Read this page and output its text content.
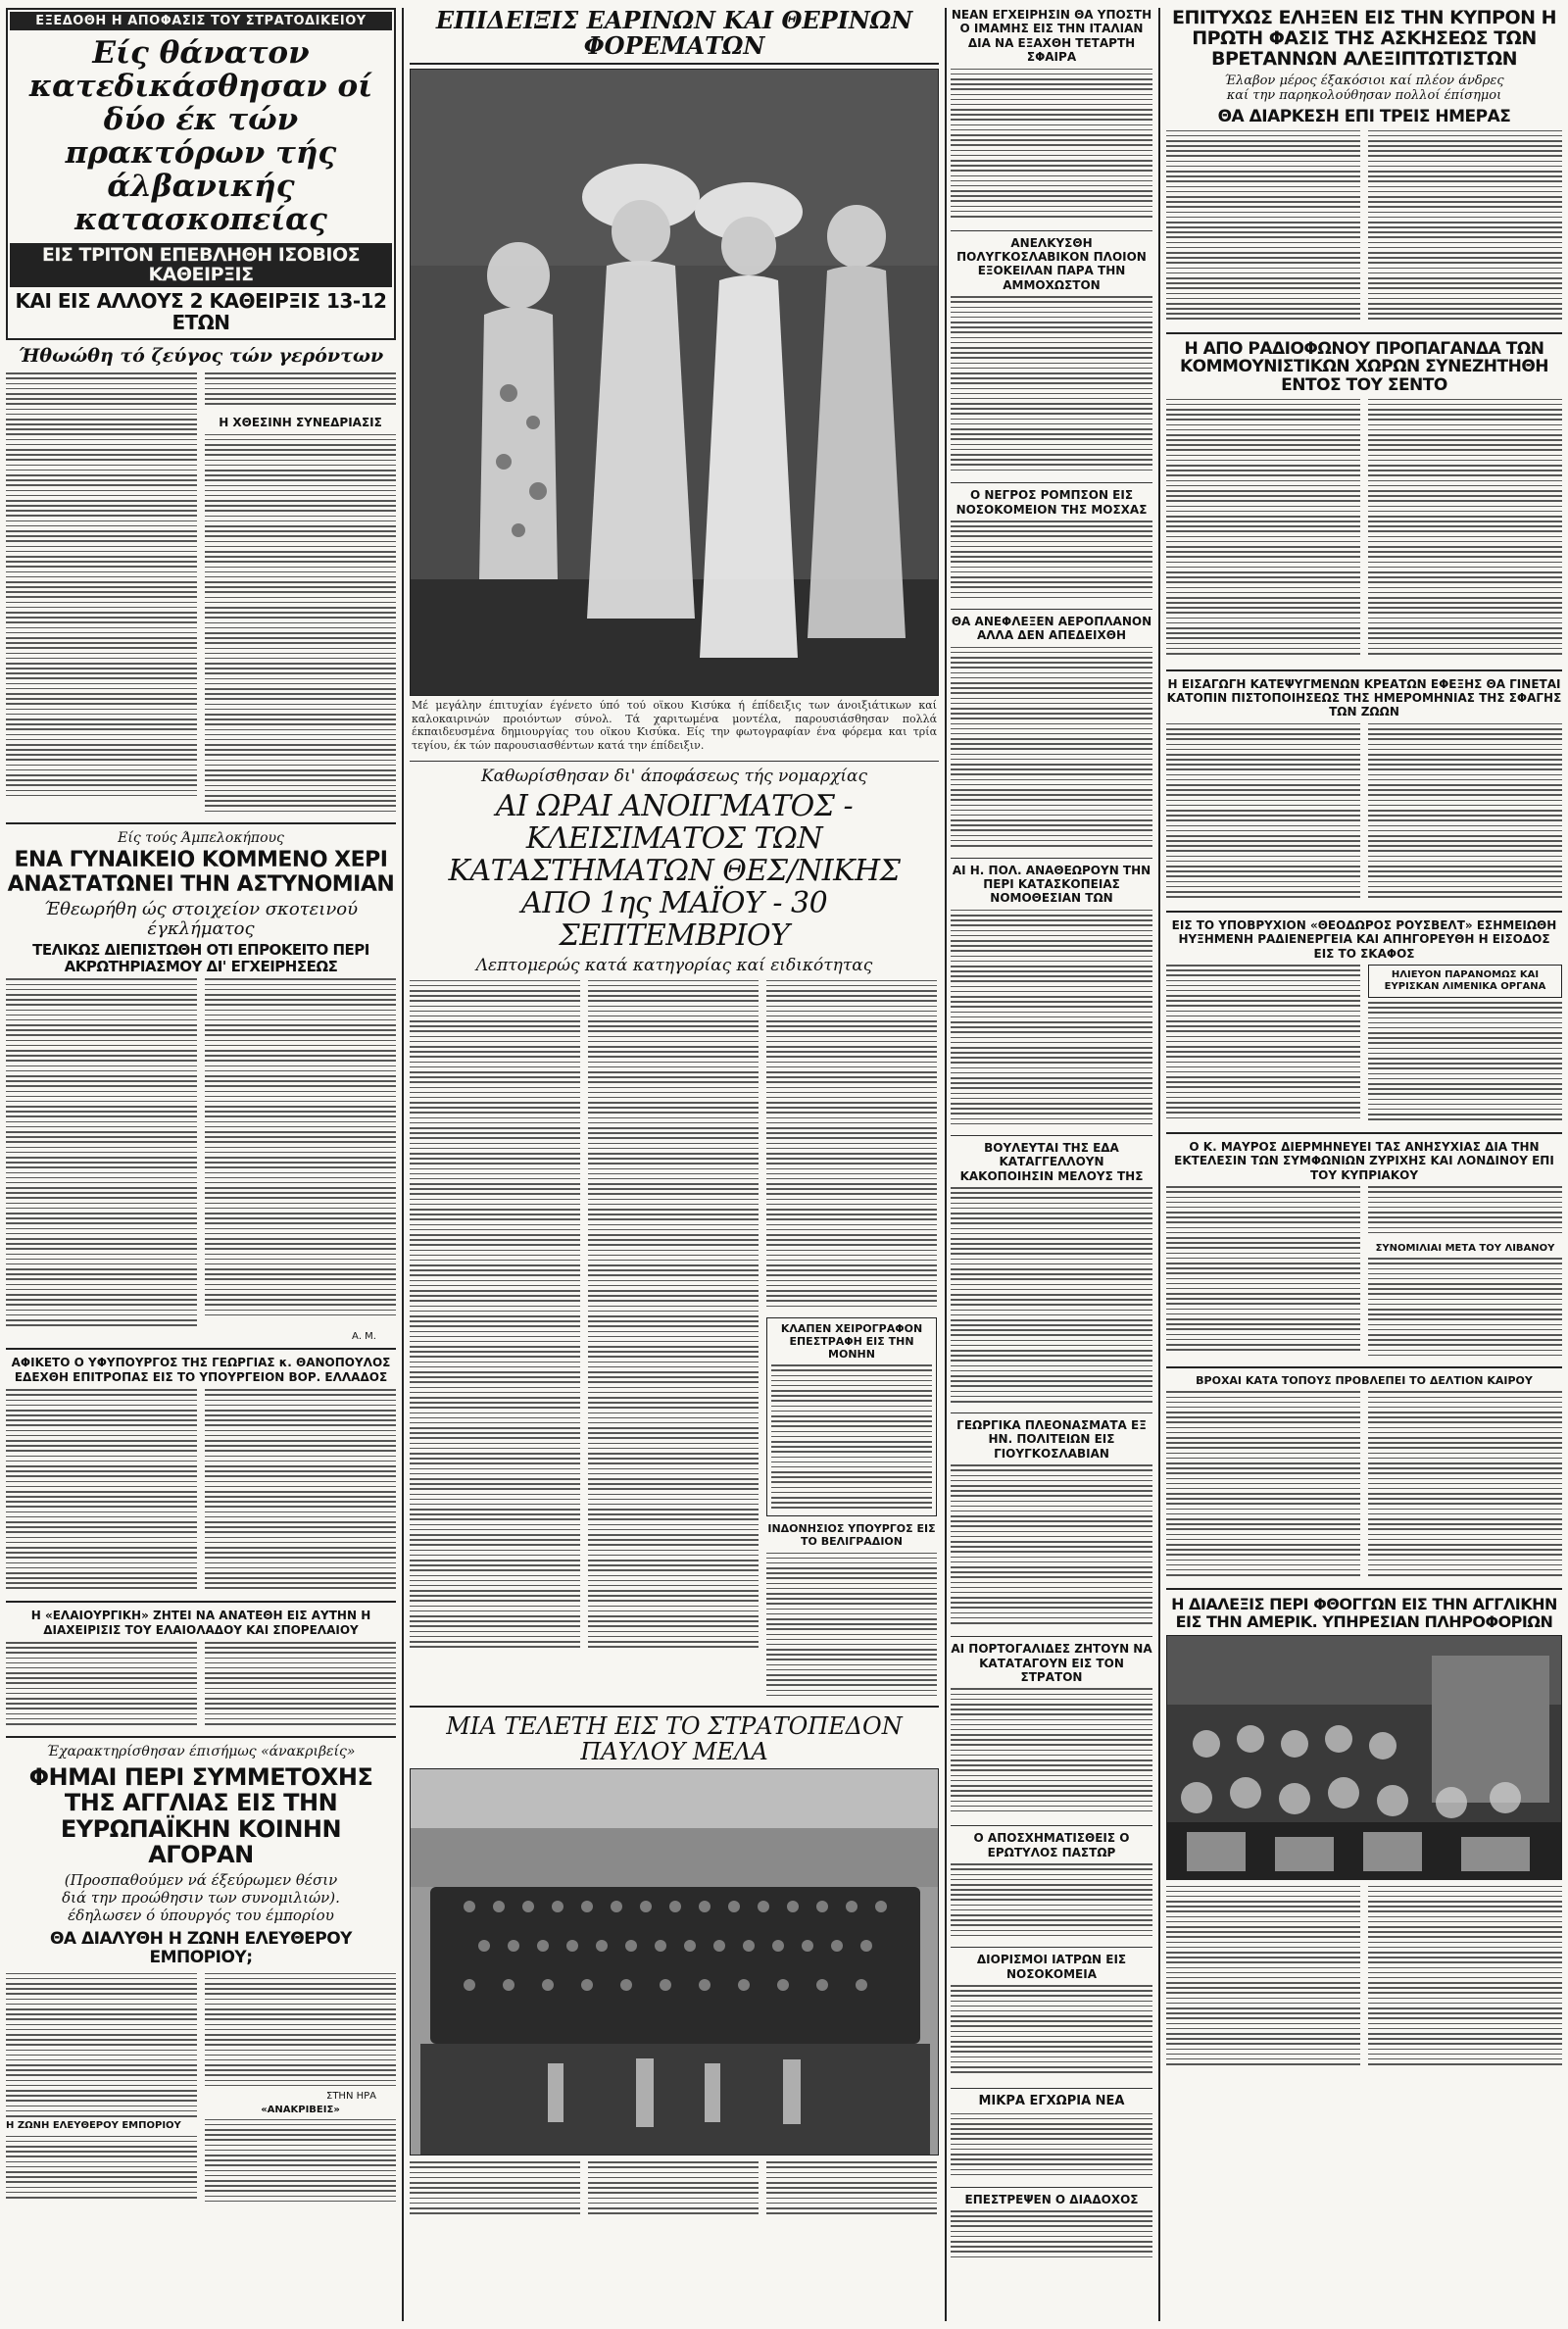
ΕΞΕΔΟΘΗ Η ΑΠΟΦΑΣΙΣ ΤΟΥ ΣΤΡΑΤΟΔΙΚΕΙΟΥ
Είς θάνατον κατεδικάσθησαν οί δύο έκ τών πρακτόρων τής άλβανικής κατασκοπείας
ΕΙΣ ΤΡΙΤΟΝ ΕΠΕΒΛΗΘΗ ΙΣΟΒΙΟΣ ΚΑΘΕΙΡΞΙΣ
ΚΑΙ ΕΙΣ ΑΛΛΟΥΣ 2 ΚΑΘΕΙΡΞΙΣ 13-12 ΕΤΩΝ
Ήθωώθη τό ζεύγος τών γερόντων
Η ΧΘΕΣΙΝΗ ΣΥΝΕΔΡΙΑΣΙΣ
Είς τούς Άμπελοκήπους
ΕΝΑ ΓΥΝΑΙΚΕΙΟ ΚΟΜΜΕΝΟ ΧΕΡΙ ΑΝΑΣΤΑΤΩΝΕΙ ΤΗΝ ΑΣΤΥΝΟΜΙΑΝ
Έθεωρήθη ώς στοιχείον σκοτεινού έγκλήματος
ΤΕΛΙΚΩΣ ΔΙΕΠΙΣΤΩΘΗ ΟΤΙ ΕΠΡΟΚΕΙΤΟ ΠΕΡΙ ΑΚΡΩΤΗΡΙΑΣΜΟΥ ΔΙ' ΕΓΧΕΙΡΗΣΕΩΣ
Α. Μ.
ΑΦΙΚΕΤΟ Ο ΥΦΥΠΟΥΡΓΟΣ ΤΗΣ ΓΕΩΡΓΙΑΣ κ. ΘΑΝΟΠΟΥΛΟΣ ΕΔΕΧΘΗ ΕΠΙΤΡΟΠΑΣ ΕΙΣ ΤΟ ΥΠΟΥΡΓΕΙΟΝ ΒΟΡ. ΕΛΛΑΔΟΣ
Η «ΕΛΑΙΟΥΡΓΙΚΗ» ΖΗΤΕΙ ΝΑ ΑΝΑΤΕΘΗ ΕΙΣ ΑΥΤΗΝ Η ΔΙΑΧΕΙΡΙΣΙΣ ΤΟΥ ΕΛΑΙΟΛΑΔΟΥ ΚΑΙ ΣΠΟΡΕΛΑΙΟΥ
Έχαρακτηρίσθησαν έπισήμως «άνακριβείς»
ΦΗΜΑΙ ΠΕΡΙ ΣΥΜΜΕΤΟΧΗΣ ΤΗΣ ΑΓΓΛΙΑΣ ΕΙΣ ΤΗΝ ΕΥΡΩΠΑΪΚΗΝ ΚΟΙΝΗΝ ΑΓΟΡΑΝ
(Προσπαθούμεν νά έξεύρωμεν θέσιν
διά την προώθησιν των συνομιλιών).
έδηλωσεν ό ύπουργός του έμπορίου
ΘΑ ΔΙΑΛΥΘΗ Η ΖΩΝΗ ΕΛΕΥΘΕΡΟΥ ΕΜΠΟΡΙΟΥ;
Η ΖΩΝΗ ΕΛΕΥΘΕΡΟΥ ΕΜΠΟΡΙΟΥ
ΣΤΗΝ ΗΡΑ
«ΑΝΑΚΡΙΒΕΙΣ»
ΕΠΙΔΕΙΞΙΣ ΕΑΡΙΝΩΝ ΚΑΙ ΘΕΡΙΝΩΝ ΦΟΡΕΜΑΤΩΝ
Μέ μεγάλην έπιτυχίαν έγένετο ύπό τού οϊκου Κισύκα ή έπίδειξις των άνοιξιάτικων καί καλοκαιρινών προιόντων σύνολ. Τά χαριτωμένα μοντέλα, παρουσιάσθησαν πολλά έκπαιδευσμένα δημιουργίας του οϊκου Κισύκα. Είς την φωτογραφίαν ένα φόρεμα και τρία τεγίου, έκ τών παρουσιασθέντων κατά την έπίδειξιν.
Καθωρίσθησαν δι' άποφάσεως τής νομαρχίας
ΑΙ ΩΡΑΙ ΑΝΟΙΓΜΑΤΟΣ - ΚΛΕΙΣΙΜΑΤΟΣ ΤΩΝ ΚΑΤΑΣΤΗΜΑΤΩΝ ΘΕΣ/ΝΙΚΗΣ ΑΠΟ 1ης ΜΑΪΟΥ - 30 ΣΕΠΤΕΜΒΡΙΟΥ
Λεπτομερώς κατά κατηγορίας καί ειδικότητας
ΚΛΑΠΕΝ ΧΕΙΡΟΓΡΑΦΟΝ ΕΠΕΣΤΡΑΦΗ ΕΙΣ ΤΗΝ ΜΟΝΗΝ
ΙΝΔΟΝΗΣΙΟΣ ΥΠΟΥΡΓΟΣ ΕΙΣ ΤΟ ΒΕΛΙΓΡΑΔΙΟΝ
ΜΙΑ ΤΕΛΕΤΗ ΕΙΣ ΤΟ ΣΤΡΑΤΟΠΕΔΟΝ ΠΑΥΛΟΥ ΜΕΛΑ
ΝΕΑΝ ΕΓΧΕΙΡΗΣΙΝ ΘΑ ΥΠΟΣΤΗ Ο ΙΜΑΜΗΣ ΕΙΣ ΤΗΝ ΙΤΑΛΙΑΝ ΔΙΑ ΝΑ ΕΞΑΧΘΗ ΤΕΤΑΡΤΗ ΣΦΑΙΡΑ
ΑΝΕΛΚΥΣΘΗ ΠΟΛΥΓΚΟΣΛΑΒΙΚΟΝ ΠΛΟΙΟΝ ΕΞΟΚΕΙΛΑΝ ΠΑΡΑ ΤΗΝ ΑΜΜΟΧΩΣΤΟΝ
Ο ΝΕΓΡΟΣ ΡΟΜΠΣΟΝ ΕΙΣ ΝΟΣΟΚΟΜΕΙΟΝ ΤΗΣ ΜΟΣΧΑΣ
ΘΑ ΑΝΕΦΛΕΞΕΝ ΑΕΡΟΠΛΑΝΟΝ ΑΛΛΑ ΔΕΝ ΑΠΕΔΕΙΧΘΗ
ΑΙ Η. ΠΟΛ. ΑΝΑΘΕΩΡΟΥΝ ΤΗΝ ΠΕΡΙ ΚΑΤΑΣΚΟΠΕΙΑΣ ΝΟΜΟΘΕΣΙΑΝ ΤΩΝ
ΒΟΥΛΕΥΤΑΙ ΤΗΣ ΕΔΑ ΚΑΤΑΓΓΕΛΛΟΥΝ ΚΑΚΟΠΟΙΗΣΙΝ ΜΕΛΟΥΣ ΤΗΣ
ΓΕΩΡΓΙΚΑ ΠΛΕΟΝΑΣΜΑΤΑ ΕΞ ΗΝ. ΠΟΛΙΤΕΙΩΝ ΕΙΣ ΓΙΟΥΓΚΟΣΛΑΒΙΑΝ
ΑΙ ΠΟΡΤΟΓΑΛΙΔΕΣ ΖΗΤΟΥΝ ΝΑ ΚΑΤΑΤΑΓΟΥΝ ΕΙΣ ΤΟΝ ΣΤΡΑΤΟΝ
Ο ΑΠΟΣΧΗΜΑΤΙΣΘΕΙΣ Ο ΕΡΩΤΥΛΟΣ ΠΑΣΤΩΡ
ΔΙΟΡΙΣΜΟΙ ΙΑΤΡΩΝ ΕΙΣ ΝΟΣΟΚΟΜΕΙΑ
ΜΙΚΡΑ ΕΓΧΩΡΙΑ ΝΕΑ
ΕΠΕΣΤΡΕΨΕΝ Ο ΔΙΑΔΟΧΟΣ
ΕΠΙΤΥΧΩΣ ΕΛΗΞΕΝ ΕΙΣ ΤΗΝ ΚΥΠΡΟΝ Η ΠΡΩΤΗ ΦΑΣΙΣ ΤΗΣ ΑΣΚΗΣΕΩΣ ΤΩΝ ΒΡΕΤΑΝΝΩΝ ΑΛΕΞΙΠΤΩΤΙΣΤΩΝ
Έλαβον μέρος έξακόσιοι καί πλέον άνδρες
καί την παρηκολούθησαν πολλοί έπίσημοι
ΘΑ ΔΙΑΡΚΕΣΗ ΕΠΙ ΤΡΕΙΣ ΗΜΕΡΑΣ
Η ΑΠΟ ΡΑΔΙΟΦΩΝΟΥ ΠΡΟΠΑΓΑΝΔΑ ΤΩΝ ΚΟΜΜΟΥΝΙΣΤΙΚΩΝ ΧΩΡΩΝ ΣΥΝΕΖΗΤΗΘΗ ΕΝΤΟΣ ΤΟΥ ΣΕΝΤΟ
Η ΕΙΣΑΓΩΓΗ ΚΑΤΕΨΥΓΜΕΝΩΝ ΚΡΕΑΤΩΝ ΕΦΕΞΗΣ ΘΑ ΓΙΝΕΤΑΙ ΚΑΤΟΠΙΝ ΠΙΣΤΟΠΟΙΗΣΕΩΣ ΤΗΣ ΗΜΕΡΟΜΗΝΙΑΣ ΤΗΣ ΣΦΑΓΗΣ ΤΩΝ ΖΩΩΝ
ΕΙΣ ΤΟ ΥΠΟΒΡΥΧΙΟΝ «ΘΕΟΔΩΡΟΣ ΡΟΥΣΒΕΛΤ» ΕΣΗΜΕΙΩΘΗ ΗΥΞΗΜΕΝΗ ΡΑΔΙΕΝΕΡΓΕΙΑ ΚΑΙ ΑΠΗΓΟΡΕΥΘΗ Η ΕΙΣΟΔΟΣ ΕΙΣ ΤΟ ΣΚΑΦΟΣ
ΗΛΙΕΥΟΝ ΠΑΡΑΝΟΜΩΣ ΚΑΙ ΕΥΡΙΣΚΑΝ ΛΙΜΕΝΙΚΑ ΟΡΓΑΝΑ
Ο Κ. ΜΑΥΡΟΣ ΔΙΕΡΜΗΝΕΥΕΙ ΤΑΣ ΑΝΗΣΥΧΙΑΣ ΔΙΑ ΤΗΝ ΕΚΤΕΛΕΣΙΝ ΤΩΝ ΣΥΜΦΩΝΙΩΝ ΖΥΡΙΧΗΣ ΚΑΙ ΛΟΝΔΙΝΟΥ ΕΠΙ ΤΟΥ ΚΥΠΡΙΑΚΟΥ
ΣΥΝΟΜΙΛΙΑΙ ΜΕΤΑ ΤΟΥ ΛΙΒΑΝΟΥ
ΒΡΟΧΑΙ ΚΑΤΑ ΤΟΠΟΥΣ ΠΡΟΒΛΕΠΕΙ ΤΟ ΔΕΛΤΙΟΝ ΚΑΙΡΟΥ
Η ΔΙΑΛΕΞΙΣ ΠΕΡΙ ΦΘΟΓΓΩΝ ΕΙΣ ΤΗΝ ΑΓΓΛΙΚΗΝ ΕΙΣ ΤΗΝ ΑΜΕΡΙΚ. ΥΠΗΡΕΣΙΑΝ ΠΛΗΡΟΦΟΡΙΩΝ
